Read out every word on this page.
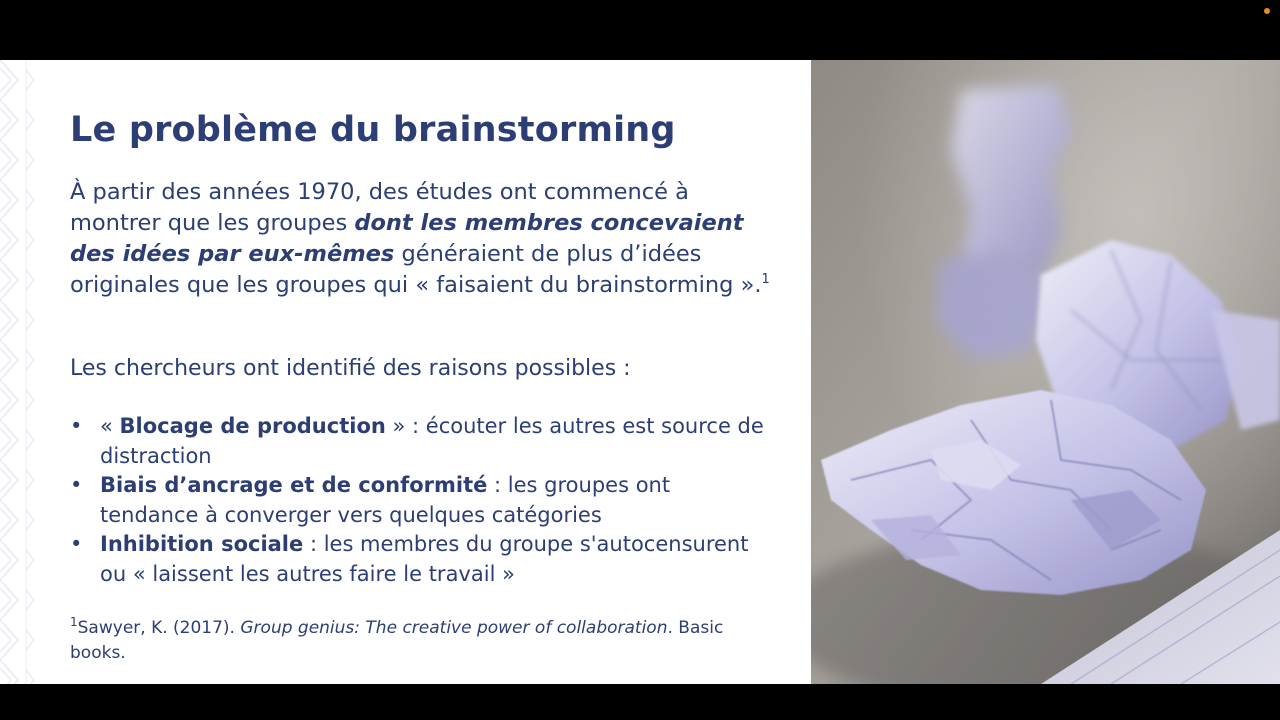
Le problème du brainstorming

À partir des années 1970, des études ont commencé à montrer que les groupes dont les membres concevaient des idées par eux-mêmes généraient de plus d’idées originales que les groupes qui « faisaient du brainstorming ».$^1$

Les chercheurs ont identifié des raisons possibles :

• « Blocage de production » : écouter les autres est source de distraction
• Biais d’ancrage et de conformité : les groupes ont tendance à converger vers quelques catégories
• Inhibition sociale : les membres du groupe s'autocensurent ou « laissent les autres faire le travail »

$^1$Sawyer, K. (2017). Group genius: The creative power of collaboration. Basic books.
